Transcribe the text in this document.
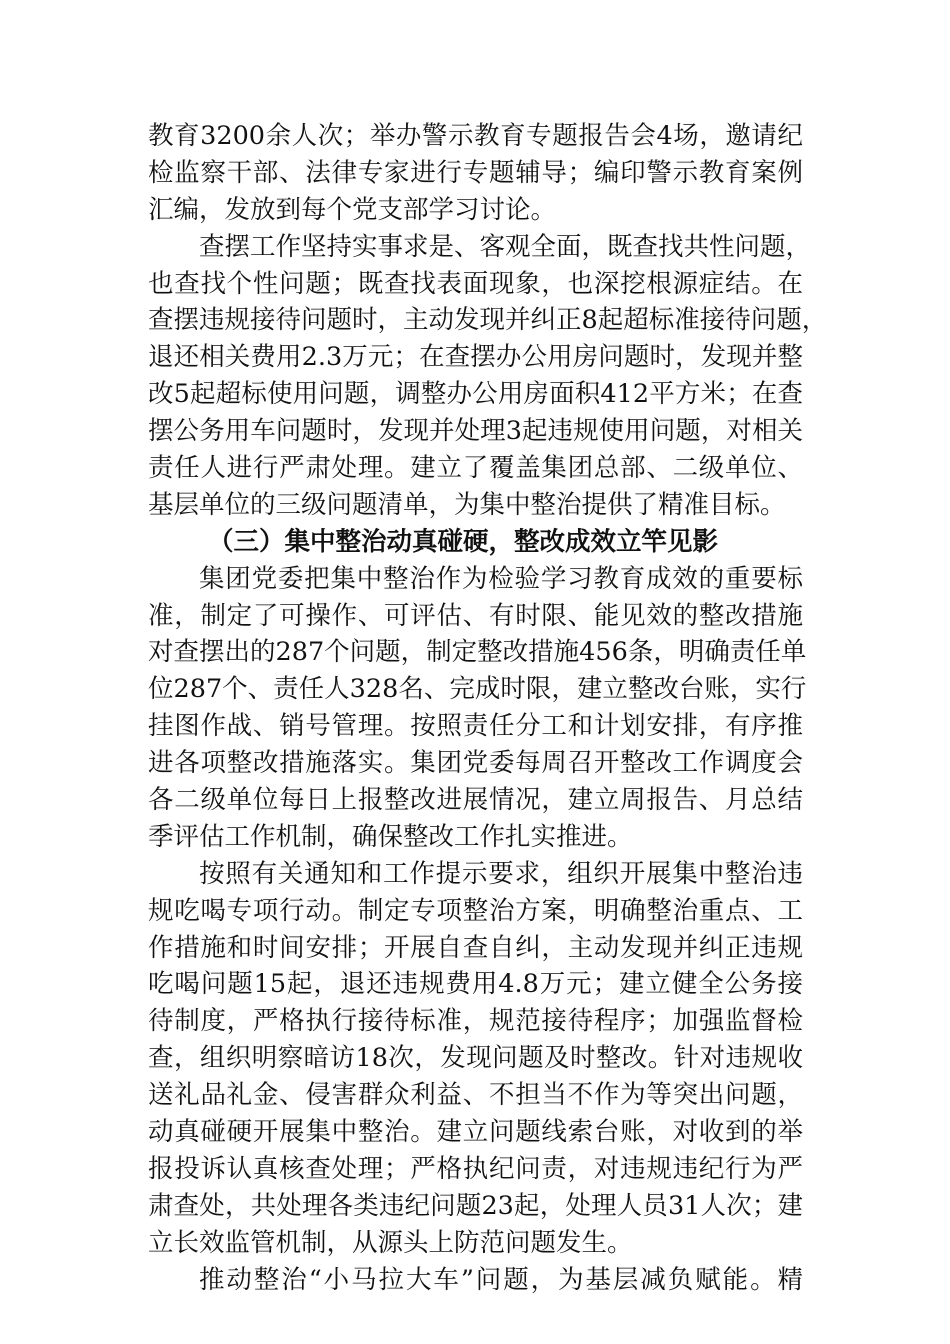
教育3200余人次；举办警示教育专题报告会4场，邀请纪
检监察干部、法律专家进行专题辅导；编印警示教育案例
汇编，发放到每个党支部学习讨论。
查摆工作坚持实事求是、客观全面，既查找共性问题，
也查找个性问题；既查找表面现象，也深挖根源症结。在
查摆违规接待问题时，主动发现并纠正8起超标准接待问题，
退还相关费用2.3万元；在查摆办公用房问题时，发现并整
改5起超标使用问题，调整办公用房面积412平方米；在查
摆公务用车问题时，发现并处理3起违规使用问题，对相关
责任人进行严肃处理。建立了覆盖集团总部、二级单位、
基层单位的三级问题清单，为集中整治提供了精准目标。
（三）集中整治动真碰硬，整改成效立竿见影
集团党委把集中整治作为检验学习教育成效的重要标
准，制定了可操作、可评估、有时限、能见效的整改措施
对查摆出的287个问题，制定整改措施456条，明确责任单
位287个、责任人328名、完成时限，建立整改台账，实行
挂图作战、销号管理。按照责任分工和计划安排，有序推
进各项整改措施落实。集团党委每周召开整改工作调度会
各二级单位每日上报整改进展情况，建立周报告、月总结
季评估工作机制，确保整改工作扎实推进。
按照有关通知和工作提示要求，组织开展集中整治违
规吃喝专项行动。制定专项整治方案，明确整治重点、工
作措施和时间安排；开展自查自纠，主动发现并纠正违规
吃喝问题15起，退还违规费用4.8万元；建立健全公务接
待制度，严格执行接待标准，规范接待程序；加强监督检
查，组织明察暗访18次，发现问题及时整改。针对违规收
送礼品礼金、侵害群众利益、不担当不作为等突出问题，
动真碰硬开展集中整治。建立问题线索台账，对收到的举
报投诉认真核查处理；严格执纪问责，对违规违纪行为严
肃查处，共处理各类违纪问题23起，处理人员31人次；建
立长效监管机制，从源头上防范问题发生。
推动整治“小马拉大车”问题，为基层减负赋能。精
